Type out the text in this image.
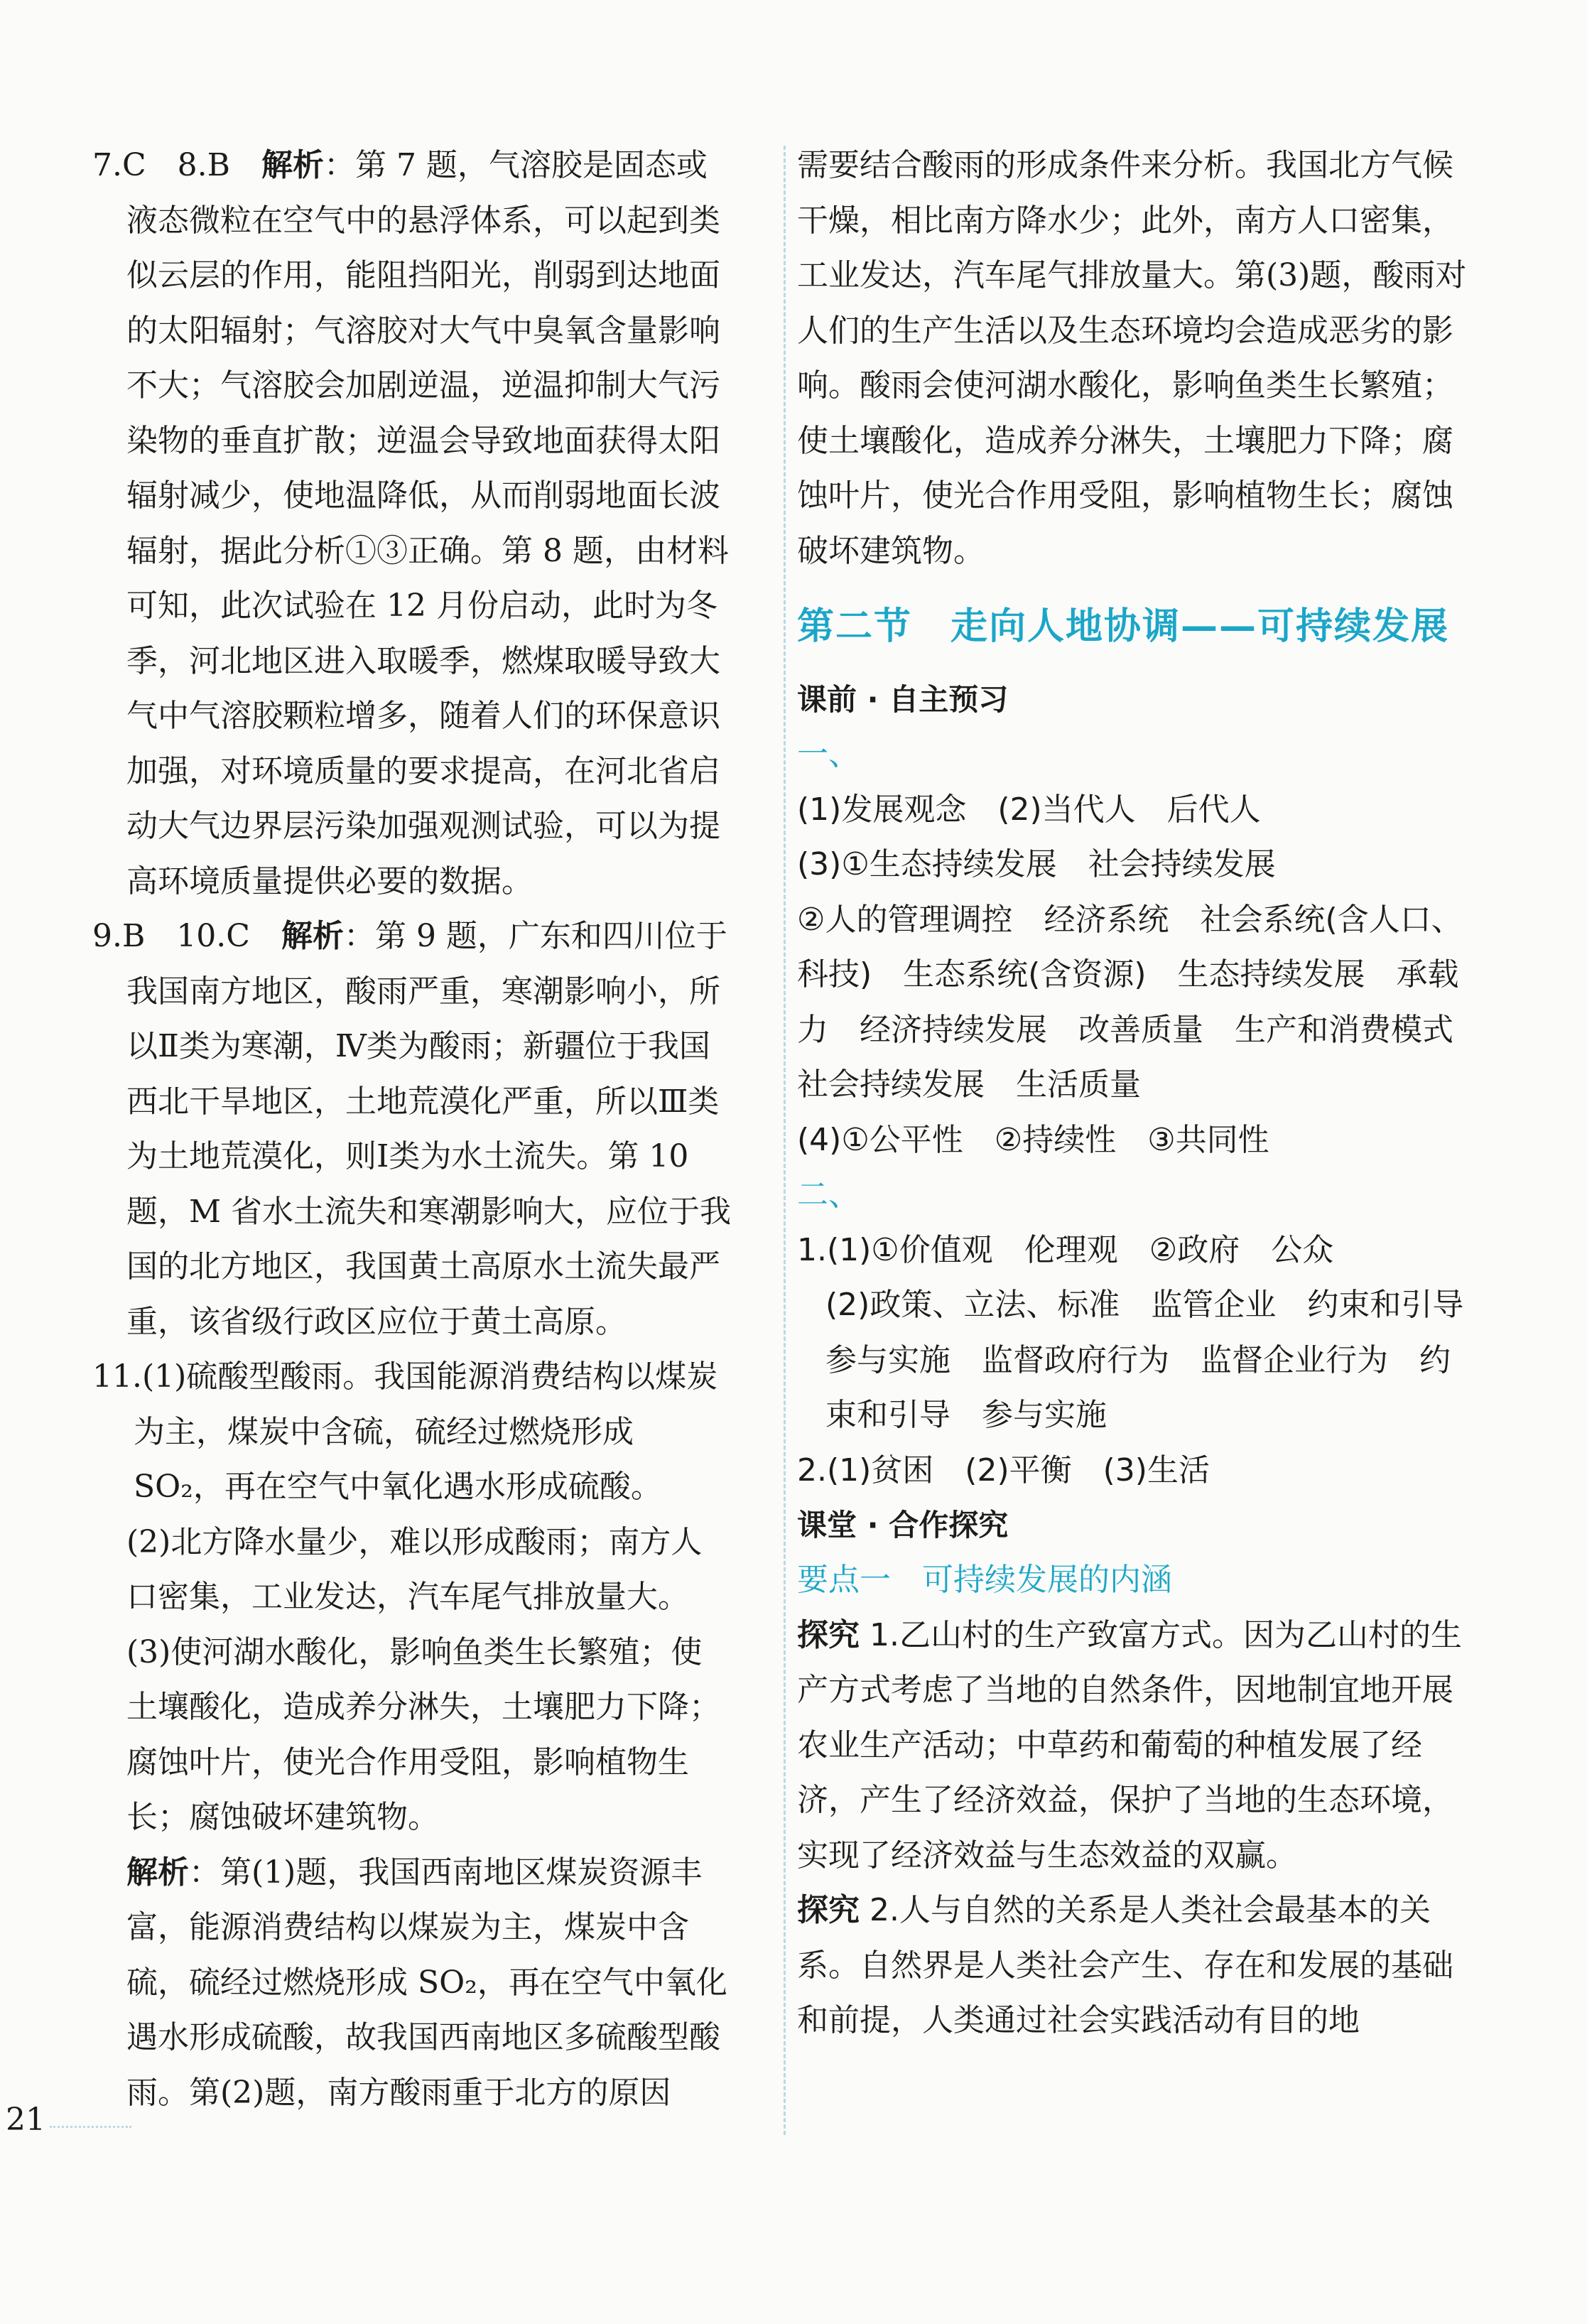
7.C　8.B　解析：第 7 题，气溶胶是固态或液态微粒在空气中的悬浮体系，可以起到类似云层的作用，能阻挡阳光，削弱到达地面的太阳辐射；气溶胶对大气中臭氧含量影响不大；气溶胶会加剧逆温，逆温抑制大气污染物的垂直扩散；逆温会导致地面获得太阳辐射减少，使地温降低，从而削弱地面长波辐射，据此分析①③正确。第 8 题，由材料可知，此次试验在 12 月份启动，此时为冬季，河北地区进入取暖季，燃煤取暖导致大气中气溶胶颗粒增多，随着人们的环保意识加强，对环境质量的要求提高，在河北省启动大气边界层污染加强观测试验，可以为提高环境质量提供必要的数据。

9.B　10.C　解析：第 9 题，广东和四川位于我国南方地区，酸雨严重，寒潮影响小，所以Ⅱ类为寒潮，Ⅳ类为酸雨；新疆位于我国西北干旱地区，土地荒漠化严重，所以Ⅲ类为土地荒漠化，则Ⅰ类为水土流失。第 10 题，M 省水土流失和寒潮影响大，应位于我国的北方地区，我国黄土高原水土流失最严重，该省级行政区应位于黄土高原。

11.(1)硫酸型酸雨。我国能源消费结构以煤炭为主，煤炭中含硫，硫经过燃烧形成 SO₂，再在空气中氧化遇水形成硫酸。

(2)北方降水量少，难以形成酸雨；南方人口密集，工业发达，汽车尾气排放量大。

(3)使河湖水酸化，影响鱼类生长繁殖；使土壤酸化，造成养分淋失，土壤肥力下降；腐蚀叶片，使光合作用受阻，影响植物生长；腐蚀破坏建筑物。

解析：第(1)题，我国西南地区煤炭资源丰富，能源消费结构以煤炭为主，煤炭中含硫，硫经过燃烧形成 SO₂，再在空气中氧化遇水形成硫酸，故我国西南地区多硫酸型酸雨。第(2)题，南方酸雨重于北方的原因

需要结合酸雨的形成条件来分析。我国北方气候干燥，相比南方降水少；此外，南方人口密集，工业发达，汽车尾气排放量大。第(3)题，酸雨对人们的生产生活以及生态环境均会造成恶劣的影响。酸雨会使河湖水酸化，影响鱼类生长繁殖；使土壤酸化，造成养分淋失，土壤肥力下降；腐蚀叶片，使光合作用受阻，影响植物生长；腐蚀破坏建筑物。

第二节　走向人地协调——可持续发展

课前 · 自主预习

一、

(1)发展观念　(2)当代人　后代人

(3)①生态持续发展　社会持续发展

②人的管理调控　经济系统　社会系统(含人口、科技)　生态系统(含资源)　生态持续发展　承载力　经济持续发展　改善质量　生产和消费模式　社会持续发展　生活质量

(4)①公平性　②持续性　③共同性

二、

1.(1)①价值观　伦理观　②政府　公众

(2)政策、立法、标准　监管企业　约束和引导　参与实施　监督政府行为　监督企业行为　约束和引导　参与实施

2.(1)贫困　(2)平衡　(3)生活

课堂 · 合作探究

要点一　可持续发展的内涵

探究 1.乙山村的生产致富方式。因为乙山村的生产方式考虑了当地的自然条件，因地制宜地开展农业生产活动；中草药和葡萄的种植发展了经济，产生了经济效益，保护了当地的生态环境，实现了经济效益与生态效益的双赢。

探究 2.人与自然的关系是人类社会最基本的关系。自然界是人类社会产生、存在和发展的基础和前提，人类通过社会实践活动有目的地

21
